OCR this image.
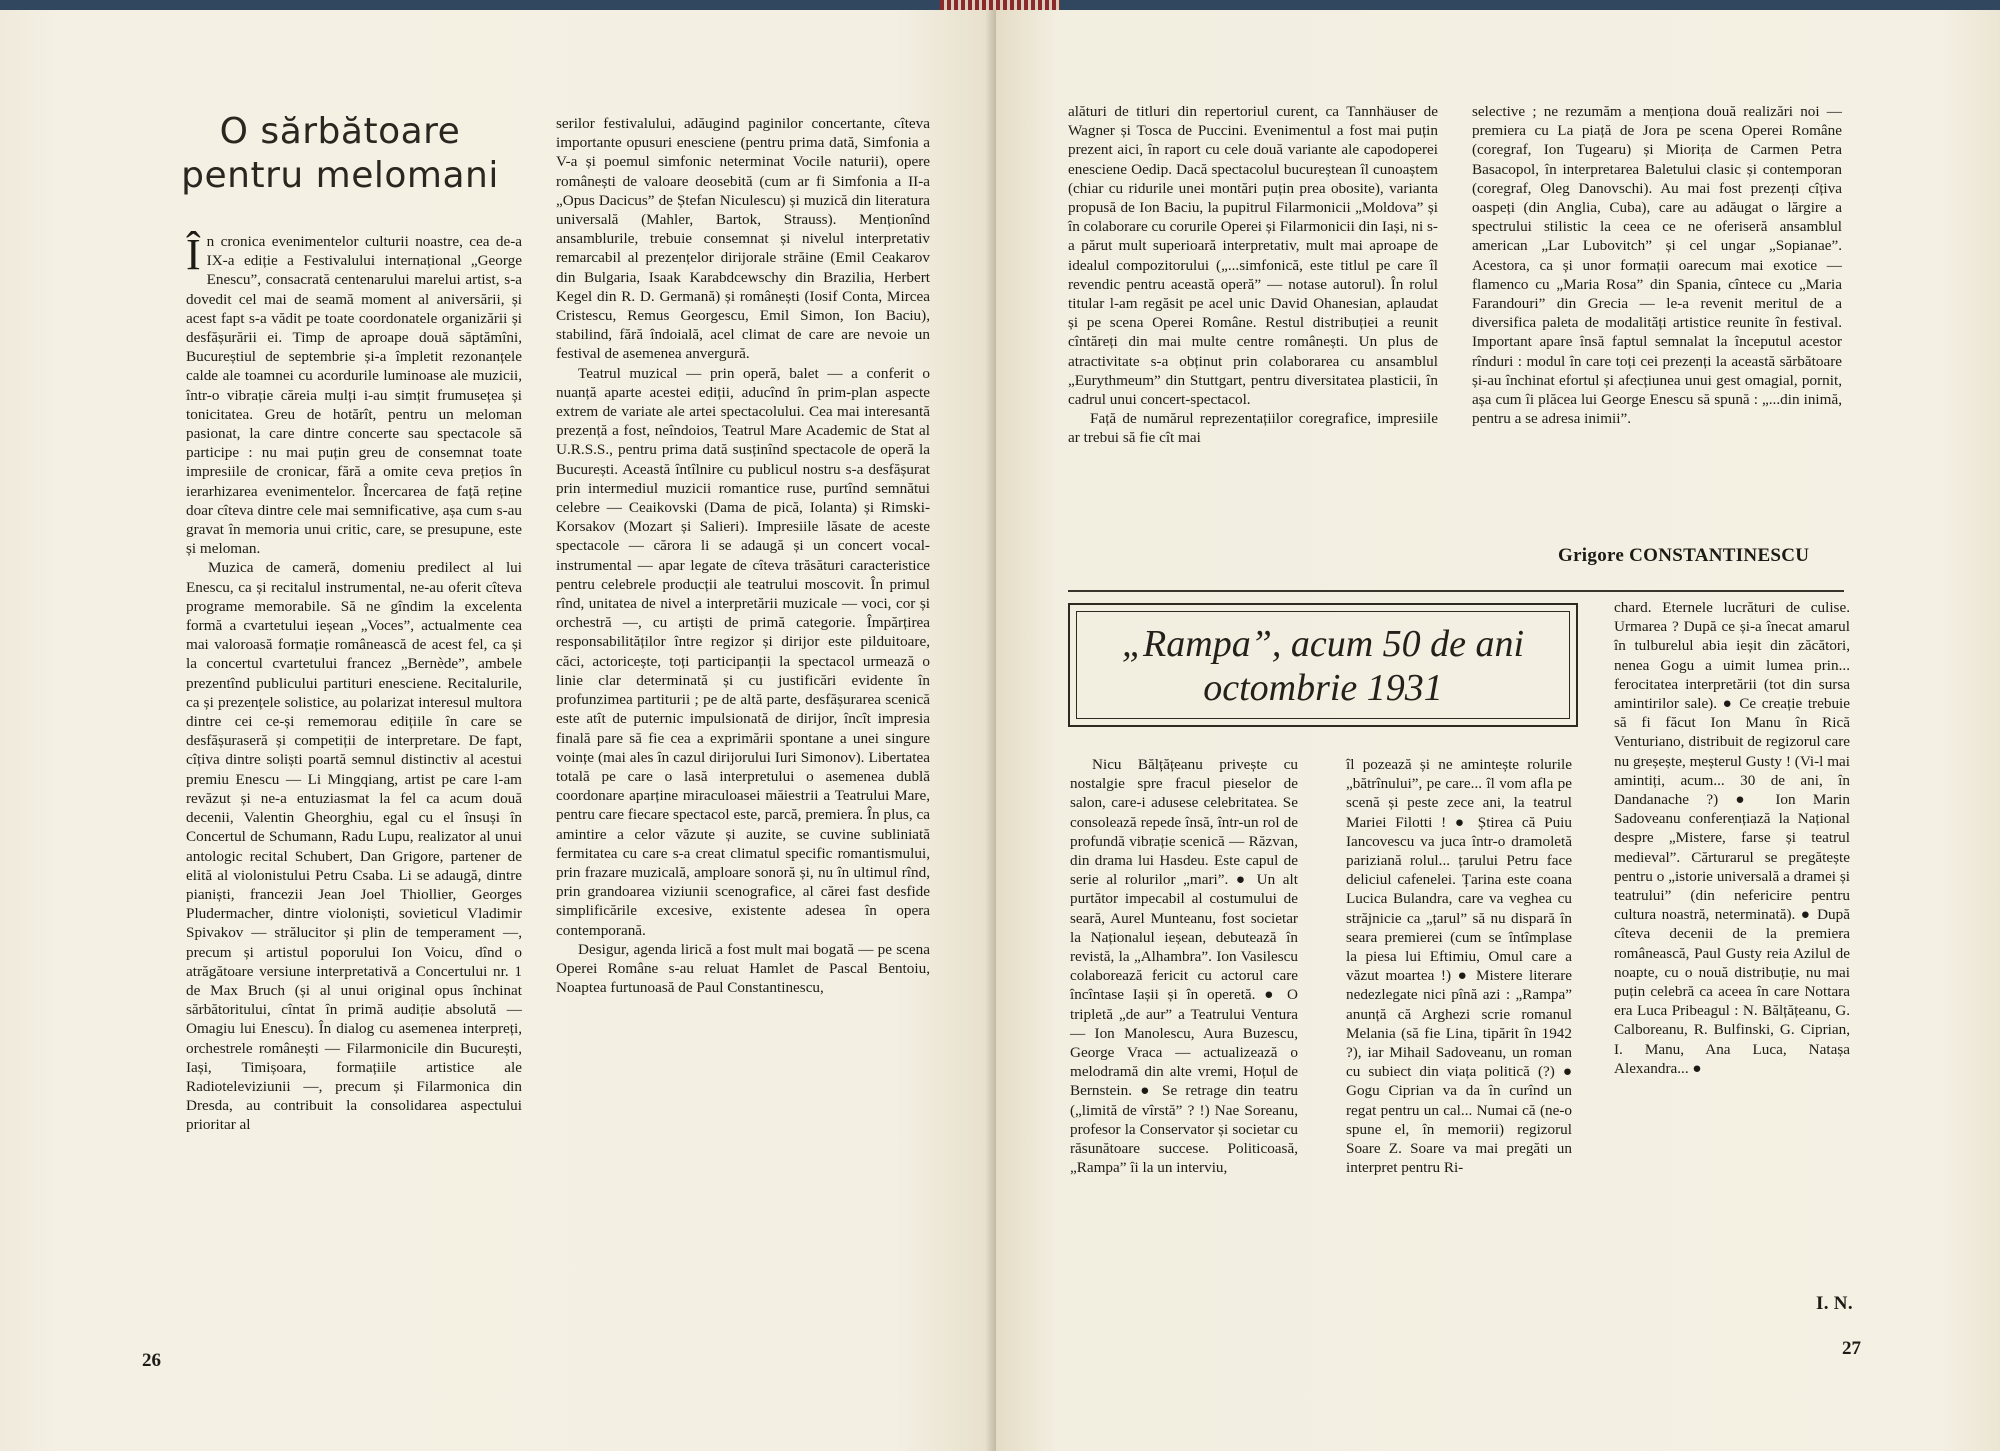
O sărbătoare
pentru melomani

În cronica evenimentelor culturii noastre, cea de-a IX-a ediție a Festivalului internațional „George Enescu”, consacrată centenarului marelui artist, s-a dovedit cel mai de seamă moment al aniversării, și acest fapt s-a vădit pe toate coordonatele organizării și desfășurării ei. Timp de aproape două săptămîni, Bucureștiul de septembrie și-a împletit rezonanțele calde ale toamnei cu acordurile luminoase ale muzicii, într-o vibrație căreia mulți i-au simțit frumusețea și tonicitatea. Greu de hotărît, pentru un meloman pasionat, la care dintre concerte sau spectacole să participe : nu mai puțin greu de consemnat toate impresiile de cronicar, fără a omite ceva prețios în ierarhizarea evenimentelor. Încercarea de față reține doar cîteva dintre cele mai semnificative, așa cum s-au gravat în memoria unui critic, care, se presupune, este și meloman.

Muzica de cameră, domeniu predilect al lui Enescu, ca și recitalul instrumental, ne-au oferit cîteva programe memorabile. Să ne gîndim la excelenta formă a cvartetului ieșean „Voces”, actualmente cea mai valoroasă formație românească de acest fel, ca și la concertul cvartetului francez „Bernède”, ambele prezentînd publicului partituri enesciene. Recitalurile, ca și prezențele solistice, au polarizat interesul multora dintre cei ce-și rememorau edițiile în care se desfășuraseră și competiții de interpretare. De fapt, cîțiva dintre soliști poartă semnul distinctiv al acestui premiu Enescu — Li Mingqiang, artist pe care l-am revăzut și ne-a entuziasmat la fel ca acum două decenii, Valentin Gheorghiu, egal cu el însuși în Concertul de Schumann, Radu Lupu, realizator al unui antologic recital Schubert, Dan Grigore, partener de elită al violonistului Petru Csaba. Li se adaugă, dintre pianiști, francezii Jean Joel Thiollier, Georges Pludermacher, dintre violoniști, sovieticul Vladimir Spivakov — strălucitor și plin de temperament —, precum și artistul poporului Ion Voicu, dînd o atrăgătoare versiune interpretativă a Concertului nr. 1 de Max Bruch (și al unui original opus închinat sărbătoritului, cîntat în primă audiție absolută — Omagiu lui Enescu). În dialog cu asemenea interpreți, orchestrele românești — Filarmonicile din București, Iași, Timișoara, formațiile artistice ale Radioteleviziunii —, precum și Filarmonica din Dresda, au contribuit la consolidarea aspectului prioritar al

serilor festivalului, adăugind paginilor concertante, cîteva importante opusuri enesciene (pentru prima dată, Simfonia a V-a și poemul simfonic neterminat Vocile naturii), opere românești de valoare deosebită (cum ar fi Simfonia a II-a „Opus Dacicus” de Ștefan Niculescu) și muzică din literatura universală (Mahler, Bartok, Strauss). Menționînd ansamblurile, trebuie consemnat și nivelul interpretativ remarcabil al prezențelor dirijorale străine (Emil Ceakarov din Bulgaria, Isaak Karabdcewschy din Brazilia, Herbert Kegel din R. D. Germană) și românești (Iosif Conta, Mircea Cristescu, Remus Georgescu, Emil Simon, Ion Baciu), stabilind, fără îndoială, acel climat de care are nevoie un festival de asemenea anvergură.

Teatrul muzical — prin operă, balet — a conferit o nuanță aparte acestei ediții, aducînd în prim-plan aspecte extrem de variate ale artei spectacolului. Cea mai interesantă prezență a fost, neîndoios, Teatrul Mare Academic de Stat al U.R.S.S., pentru prima dată susținînd spectacole de operă la București. Această întîlnire cu publicul nostru s-a desfășurat prin intermediul muzicii romantice ruse, purtînd semnătui celebre — Ceaikovski (Dama de pică, Iolanta) și Rimski-Korsakov (Mozart și Salieri). Impresiile lăsate de aceste spectacole — cărora li se adaugă și un concert vocal-instrumental — apar legate de cîteva trăsături caracteristice pentru celebrele producții ale teatrului moscovit. În primul rînd, unitatea de nivel a interpretării muzicale — voci, cor și orchestră —, cu artiști de primă categorie. Împărțirea responsabilităților între regizor și dirijor este pilduitoare, căci, actoricește, toți participanții la spectacol urmează o linie clar determinată și cu justificări evidente în profunzimea partiturii ; pe de altă parte, desfășurarea scenică este atît de puternic impulsionată de dirijor, încît impresia finală pare să fie cea a exprimării spontane a unei singure voințe (mai ales în cazul dirijorului Iuri Simonov). Libertatea totală pe care o lasă interpretului o asemenea dublă coordonare aparține miraculoasei măiestrii a Teatrului Mare, pentru care fiecare spectacol este, parcă, premiera. În plus, ca amintire a celor văzute și auzite, se cuvine subliniată fermitatea cu care s-a creat climatul specific romantismului, prin frazare muzicală, amploare sonoră și, nu în ultimul rînd, prin grandoarea viziunii scenografice, al cărei fast desfide simplificările excesive, existente adesea în opera contemporană.

Desigur, agenda lirică a fost mult mai bogată — pe scena Operei Române s-au reluat Hamlet de Pascal Bentoiu, Noaptea furtunoasă de Paul Constantinescu,

26

alături de titluri din repertoriul curent, ca Tannhäuser de Wagner și Tosca de Puccini. Evenimentul a fost mai puțin prezent aici, în raport cu cele două variante ale capodoperei enesciene Oedip. Dacă spectacolul bucureștean îl cunoaștem (chiar cu ridurile unei montări puțin prea obosite), varianta propusă de Ion Baciu, la pupitrul Filarmonicii „Moldova” și în colaborare cu corurile Operei și Filarmonicii din Iași, ni s-a părut mult superioară interpretativ, mult mai aproape de idealul compozitorului („...simfonică, este titlul pe care îl revendic pentru această operă” — notase autorul). În rolul titular l-am regăsit pe acel unic David Ohanesian, aplaudat și pe scena Operei Române. Restul distribuției a reunit cîntăreți din mai multe centre românești. Un plus de atractivitate s-a obținut prin colaborarea cu ansamblul „Eurythmeum” din Stuttgart, pentru diversitatea plasticii, în cadrul unui concert-spectacol.

Față de numărul reprezentațiilor coregrafice, impresiile ar trebui să fie cît mai

selective ; ne rezumăm a menționa două realizări noi — premiera cu La piață de Jora pe scena Operei Române (coregraf, Ion Tugearu) și Miorița de Carmen Petra Basacopol, în interpretarea Baletului clasic și contemporan (coregraf, Oleg Danovschi). Au mai fost prezenți cîțiva oaspeți (din Anglia, Cuba), care au adăugat o lărgire a spectrului stilistic la ceea ce ne oferiseră ansamblul american „Lar Lubovitch” și cel ungar „Sopianae”. Acestora, ca și unor formații oarecum mai exotice — flamenco cu „Maria Rosa” din Spania, cîntece cu „Maria Farandouri” din Grecia — le-a revenit meritul de a diversifica paleta de modalități artistice reunite în festival. Important apare însă faptul semnalat la începutul acestor rînduri : modul în care toți cei prezenți la această sărbătoare și-au închinat efortul și afecțiunea unui gest omagial, pornit, așa cum îi plăcea lui George Enescu să spună : „...din inimă, pentru a se adresa inimii”.

Grigore CONSTANTINESCU
„Rampa”, acum 50 de ani
octombrie 1931

Nicu Bălțățeanu privește cu nostalgie spre fracul pieselor de salon, care-i adusese celebritatea. Se consolează repede însă, într-un rol de profundă vibrație scenică — Răzvan, din drama lui Hasdeu. Este capul de serie al rolurilor „mari”. ● Un alt purtător impecabil al costumului de seară, Aurel Munteanu, fost societar la Naționalul ieșean, debutează în revistă, la „Alhambra”. Ion Vasilescu colaborează fericit cu actorul care încîntase Iașii și în operetă. ● O tripletă „de aur” a Teatrului Ventura — Ion Manolescu, Aura Buzescu, George Vraca — actualizează o melodramă din alte vremi, Hoțul de Bernstein. ● Se retrage din teatru („limită de vîrstă” ? !) Nae Soreanu, profesor la Conservator și societar cu răsunătoare succese. Politicoasă, „Rampa” îi la un interviu,

îl pozează și ne amintește rolurile „bătrînului”, pe care... îl vom afla pe scenă și peste zece ani, la teatrul Mariei Filotti ! ● Știrea că Puiu Iancovescu va juca într-o dramoletă pariziană rolul... țarului Petru face deliciul cafenelei. Țarina este coana Lucica Bulandra, care va veghea cu străjnicie ca „țarul” să nu dispară în seara premierei (cum se întîmplase la piesa lui Eftimiu, Omul care a văzut moartea !) ● Mistere literare nedezlegate nici pînă azi : „Rampa” anunță că Arghezi scrie romanul Melania (să fie Lina, tipărit în 1942 ?), iar Mihail Sadoveanu, un roman cu subiect din viața politică (?) ● Gogu Ciprian va da în curînd un regat pentru un cal... Numai că (ne-o spune el, în memorii) regizorul Soare Z. Soare va mai pregăti un interpret pentru Ri-

chard. Eternele lucrături de culise. Urmarea ? După ce și-a înecat amarul în tulburelul abia ieșit din zăcători, nenea Gogu a uimit lumea prin... ferocitatea interpretării (tot din sursa amintirilor sale). ● Ce creație trebuie să fi făcut Ion Manu în Rică Venturiano, distribuit de regizorul care nu greșește, meșterul Gusty ! (Vi-l mai amintiți, acum... 30 de ani, în Dandanache ?) ● Ion Marin Sadoveanu conferențiază la Național despre „Mistere, farse și teatrul medieval”. Cărturarul se pregătește pentru o „istorie universală a dramei și teatrului” (din nefericire pentru cultura noastră, neterminată). ● După cîteva decenii de la premiera românească, Paul Gusty reia Azilul de noapte, cu o nouă distribuție, nu mai puțin celebră ca aceea în care Nottara era Luca Pribeagul : N. Bălțățeanu, G. Calboreanu, R. Bulfinski, G. Ciprian, I. Manu, Ana Luca, Natașa Alexandra... ●

I. N.
27
